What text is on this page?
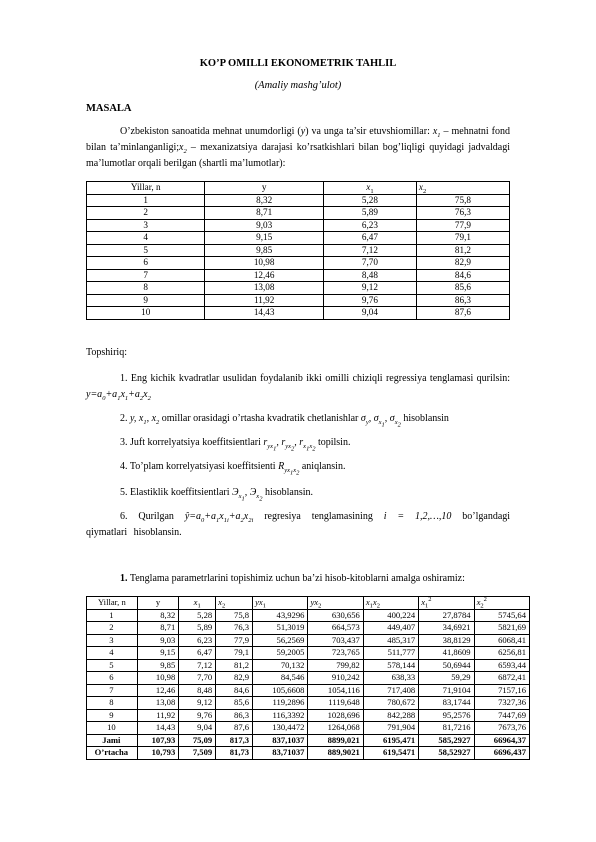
KO’P OMILLI EKONOMETRIK TAHLIL
(Amaliy mashg’ulot)
MASALA
O’zbekiston sanoatida mehnat unumdorligi (y) va unga ta’sir etuvshiomillar: $x_1$ – mehnatni fond bilan $ta’minlanganligi;x_2$ – mexanizatsiya darajasi ko’rsatkishlari bilan bog’liqligi quyidagi jadvaldagi ma’lumotlar orqali berilgan (shartli ma’lumotlar):
Yillar, n	y	$x_1$	$x_2$
1	8,32	5,28	75,8
2	8,71	5,89	76,3
3	9,03	6,23	77,9
4	9,15	6,47	79,1
5	9,85	7,12	81,2
6	10,98	7,70	82,9
7	12,46	8,48	84,6
8	13,08	9,12	85,6
9	11,92	9,76	86,3
10	14,43	9,04	87,6
Topshiriq:
1. Eng kichik kvadratlar usulidan foydalanib ikki omilli chiziqli regressiya tenglamasi qurilsin: $y=a_0+a_1x_1+a_2x_2$
2. y, $x_1$, $x_2$ omillar orasidagi o’rtasha kvadratik chetlanishlar $\sigma_y$, $\sigma_{x_1}$, $\sigma_{x_2}$ hisoblansin
3. Juft korrelyatsiya koeffitsientlari $r_{yx_1}$, $r_{yx_2}$, $r_{x_1x_2}$ topilsin.
4. To’plam korrelyatsiyasi koeffitsienti $R_{yx_1x_2}$ aniqlansin.
5. Elastiklik koeffitsientlari $Э_{x_1}$, $Э_{x_2}$ hisoblansin.
6. Qurilgan $ŷ=a_0+a_1x_{1i}+a_2x_{2i}$ regresiya tenglamasining i = 1,2,…,10 bo’lgandagi qiymatlari hisoblansin.
1. Tenglama parametrlarini topishimiz uchun ba’zi hisob-kitoblarni amalga oshiramiz:
Yillar, n	y	$x_1$	$x_2$	$yx_1$	$yx_2$	$x_1x_2$	$x_1^2$	$x_2^2$
1	8,32	5,28	75,8	43,9296	630,656	400,224	27,8784	5745,64
2	8,71	5,89	76,3	51,3019	664,573	449,407	34,6921	5821,69
3	9,03	6,23	77,9	56,2569	703,437	485,317	38,8129	6068,41
4	9,15	6,47	79,1	59,2005	723,765	511,777	41,8609	6256,81
5	9,85	7,12	81,2	70,132	799,82	578,144	50,6944	6593,44
6	10,98	7,70	82,9	84,546	910,242	638,33	59,29	6872,41
7	12,46	8,48	84,6	105,6608	1054,116	717,408	71,9104	7157,16
8	13,08	9,12	85,6	119,2896	1119,648	780,672	83,1744	7327,36
9	11,92	9,76	86,3	116,3392	1028,696	842,288	95,2576	7447,69
10	14,43	9,04	87,6	130,4472	1264,068	791,904	81,7216	7673,76
Jami	107,93	75,09	817,3	837,1037	8899,021	6195,471	585,2927	66964,37
O’rtacha	10,793	7,509	81,73	83,71037	889,9021	619,5471	58,52927	6696,437
